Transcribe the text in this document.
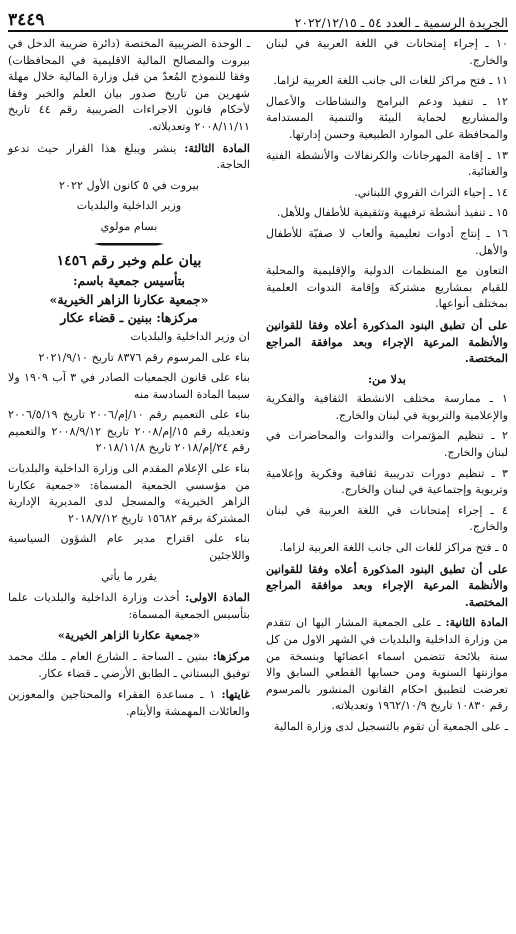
الجريدة الرسمية ـ العدد ٥٤ ـ ٢٠٢٢/١٢/١٥
٣٤٤٩

١٠ ـ إجراء إمتحانات في اللغة العربية في لبنان والخارج.

١١ ـ فتح مراكز للغات الى جانب اللغة العربية لزاما.

١٢ ـ تنفيذ ودعم البرامج والنشاطات والأعمال والمشاريع لحماية البيئة والتنمية المستدامة والمحافظة على الموارد الطبيعية وحسن إدارتها.

١٣ ـ إقامة المهرجانات والكرنفالات والأنشطة الفنية والغنائية.

١٤ ـ إحياء التراث القروي اللبناني.

١٥ ـ تنفيذ أنشطة ترفيهية وتثقيفية للأطفال وللأهل.

١٦ ـ إنتاج أدوات تعليمية وألعاب لا صفيّة للأطفال والأهل.

التعاون مع المنظمات الدولية والإقليمية والمحلية للقيام بمشاريع مشتركة وإقامة الندوات العلمية بمختلف أنواعها.

على أن تطبق البنود المذكورة أعلاه وفقا للقوانين والأنظمة المرعية الإجراء وبعد موافقة المراجع المختصة.

بدلا من:

١ ـ ممارسة مختلف الانشطة الثقافية والفكرية والإعلامية والتربوية في لبنان والخارج.

٢ ـ تنظيم المؤتمرات والندوات والمحاضرات في لبنان والخارج.

٣ ـ تنظيم دورات تدريبية ثقافية وفكرية وإعلامية وتربوية وإجتماعية في لبنان والخارج.

٤ ـ إجراء إمتحانات في اللغة العربية في لبنان والخارج.

٥ ـ فتح مراكز للغات الى جانب اللغة العربية لزاما.

على أن تطبق البنود المذكورة أعلاه وفقا للقوانين والأنظمة المرعية الإجراء وبعد موافقة المراجع المختصة.

المادة الثانية: ـ على الجمعية المشار اليها ان تتقدم من وزارة الداخلية والبلديات في الشهر الاول من كل سنة بلائحة تتضمن اسماء اعضائها وبنسخة من موازنتها السنوية ومن حسابها القطعي السابق والا تعرضت لتطبيق احكام القانون المنشور بالمرسوم رقم ١٠٨٣٠ تاريخ ١٩٦٢/١٠/٩ وتعديلاته.

ـ على الجمعية أن تقوم بالتسجيل لدى وزارة المالية

ـ الوحدة الضريبية المختصة (دائرة ضريبة الدخل في بيروت والمصالح المالية الاقليمية في المحافظات) وفقا للنموذج المُعدّ من قبل وزارة المالية خلال مهلة شهرين من تاريخ صدور بيان العلم والخبر وفقا لأحكام قانون الاجراءات الضريبية رقم ٤٤ تاريخ ٢٠٠٨/١١/١١ وتعديلاته.

المادة الثالثة: ينشر ويبلغ هذا القرار حيث تدعو الحاجة.

بيروت في ٥ كانون الأول ٢٠٢٢

وزير الداخلية والبلديات

بسام مولوي

بيان علم وخبر رقم ١٤٥٦
بتأسيس جمعية باسم:
«جمعية عكارنا الزاهر الخيرية»
مركزها: ببنين ـ قضاء عكار

ان وزير الداخلية والبلديات

بناء على المرسوم رقم ٨٣٧٦ تاريخ ٢٠٢١/٩/١٠

بناء على قانون الجمعيات الصادر في ٣ آب ١٩٠٩ ولا سيما المادة السادسة منه

بناء على التعميم رقم ١٠/إم/٢٠٠٦ تاريخ ٢٠٠٦/٥/١٩ وتعديله رقم ١٥/إم/٢٠٠٨ تاريخ ٢٠٠٨/٩/١٢ والتعميم رقم ٢٤/إم/٢٠١٨ تاريخ ٢٠١٨/١١/٨

بناء على الإعلام المقدم الى وزارة الداخلية والبلديات من مؤسسي الجمعية المسماة: «جمعية عكارنا الزاهر الخيرية» والمسجل لدى المديرية الإدارية المشتركة برقم ١٥٦٨٢ تاريخ ٢٠١٨/٧/١٢

بناء على اقتراح مدير عام الشؤون السياسية واللاجئين

يقرر ما يأتي

المادة الاولى: أخذت وزارة الداخلية والبلديات علما بتأسيس الجمعية المسماة:

«جمعية عكارنا الزاهر الخيرية»

مركزها: ببنين ـ الساحة ـ الشارع العام ـ ملك محمد توفيق البستاني ـ الطابق الأرضي ـ قضاء عكار.

غايتها: ١ ـ مساعدة الفقراء والمحتاجين والمعوزين والعائلات المهمشة والأيتام.
